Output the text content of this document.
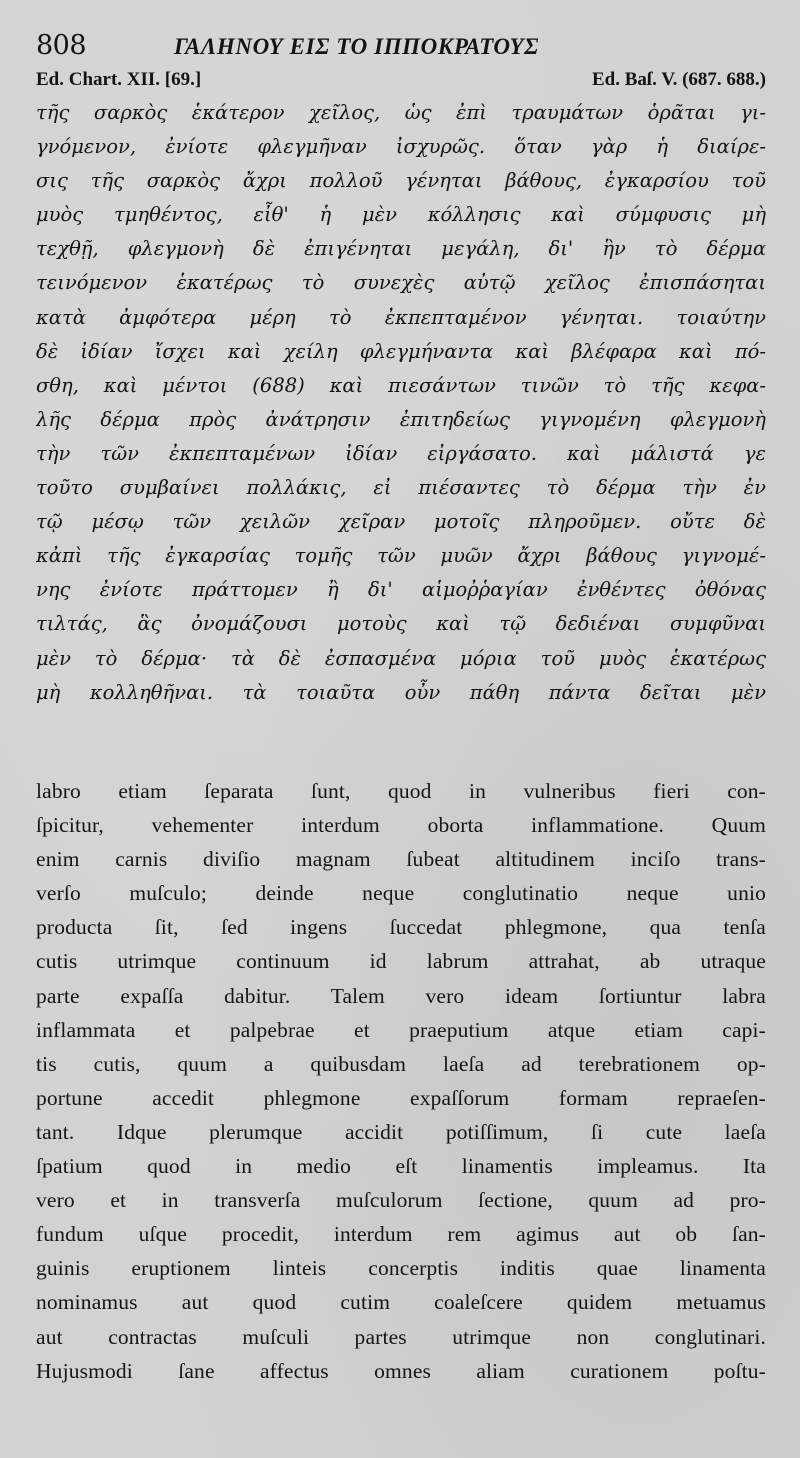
808	ΓΑΛΗΝΟΥ ΕΙΣ ΤΟ ΙΠΠΟΚΡΑΤΟΥΣ
Ed. Chart. XII. [69.]	Ed. Baſ. V. (687. 688.)
τῆς σαρκὸς ἑκάτερον χεῖλος, ὡς ἐπὶ τραυμάτων ὁρᾶται γι-
γνόμενον, ἐνίοτε φλεγμῆναν ἰσχυρῶς. ὅταν γὰρ ἡ διαίρε-
σις τῆς σαρκὸς ἄχρι πολλοῦ γένηται βάθους, ἐγκαρσίου τοῦ
μυὸς τμηθέντος, εἶθ' ἡ μὲν κόλλησις καὶ σύμφυσις μὴ
τεχθῇ, φλεγμονὴ δὲ ἐπιγένηται μεγάλη, δι' ἣν τὸ δέρμα
τεινόμενον ἑκατέρως τὸ συνεχὲς αὐτῷ χεῖλος ἐπισπάσηται
κατὰ ἀμφότερα μέρη τὸ ἐκπεπταμένον γένηται. τοιαύτην
δὲ ἰδίαν ἴσχει καὶ χείλη φλεγμήναντα καὶ βλέφαρα καὶ πό-
σθη, καὶ μέντοι (688) καὶ πιεσάντων τινῶν τὸ τῆς κεφα-
λῆς δέρμα πρὸς ἀνάτρησιν ἐπιτηδείως γιγνομένη φλεγμονὴ
τὴν τῶν ἐκπεπταμένων ἰδίαν εἰργάσατο. καὶ μάλιστά γε
τοῦτο συμβαίνει πολλάκις, εἰ πιέσαντες τὸ δέρμα τὴν ἐν
τῷ μέσῳ τῶν χειλῶν χεῖραν μοτοῖς πληροῦμεν. οὔτε δὲ
κἀπὶ τῆς ἐγκαρσίας τομῆς τῶν μυῶν ἄχρι βάθους γιγνομέ-
νης ἐνίοτε πράττομεν ἢ δι' αἱμοῤῥαγίαν ἐνθέντες ὀθόνας
τιλτάς, ἃς ὀνομάζουσι μοτοὺς καὶ τῷ δεδιέναι συμφῦναι
μὲν τὸ δέρμα· τὰ δὲ ἐσπασμένα μόρια τοῦ μυὸς ἑκατέρως
μὴ κολληθῆναι. τὰ τοιαῦτα οὖν πάθη πάντα δεῖται μὲν
labro etiam ſeparata ſunt, quod in vulneribus fieri con-
ſpicitur, vehementer interdum oborta inflammatione. Quum
enim carnis diviſio magnam ſubeat altitudinem inciſo trans-
verſo muſculo; deinde neque conglutinatio neque unio
producta ſit, ſed ingens ſuccedat phlegmone, qua tenſa
cutis utrimque continuum id labrum attrahat, ab utraque
parte expaſſa dabitur. Talem vero ideam ſortiuntur labra
inflammata et palpebrae et praeputium atque etiam capi-
tis cutis, quum a quibusdam laeſa ad terebrationem op-
portune accedit phlegmone expaſſorum formam repraeſen-
tant. Idque plerumque accidit potiſſimum, ſi cute laeſa
ſpatium quod in medio eſt linamentis impleamus. Ita
vero et in transverſa muſculorum ſectione, quum ad pro-
fundum uſque procedit, interdum rem agimus aut ob ſan-
guinis eruptionem linteis concerptis inditis quae linamenta
nominamus aut quod cutim coaleſcere quidem metuamus
aut contractas muſculi partes utrimque non conglutinari.
Hujusmodi ſane affectus omnes aliam curationem poſtu-
